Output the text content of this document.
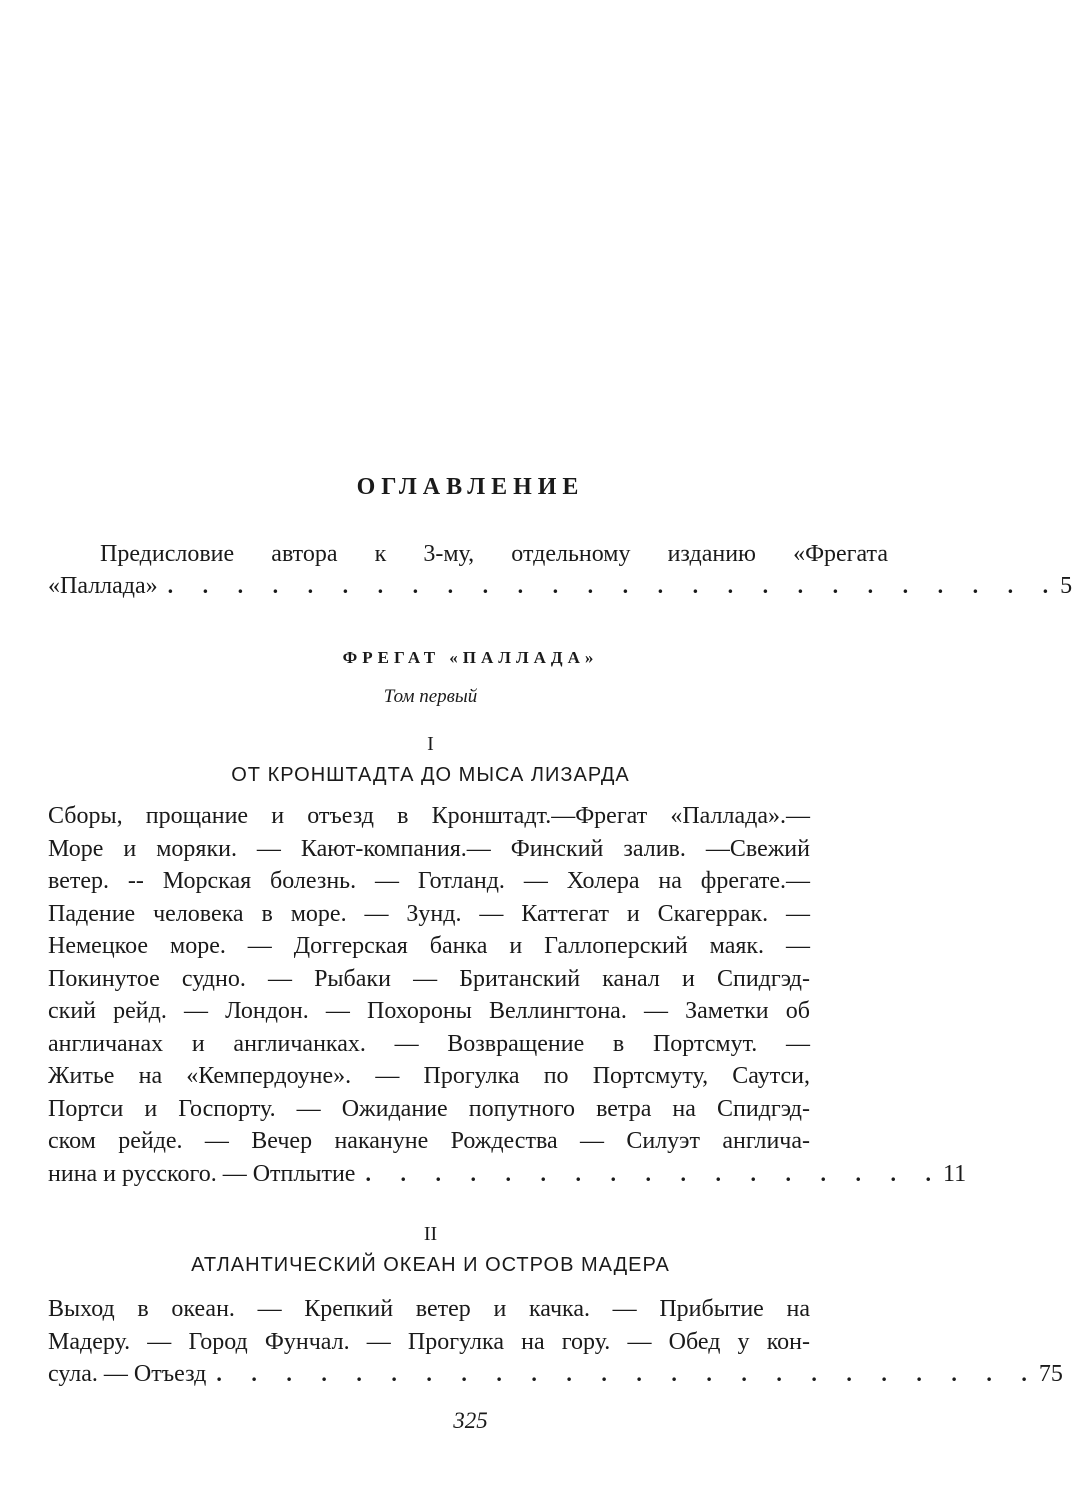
ОГЛАВЛЕНИЕ
Предисловие автора к 3-му, отдельному изданию «Фрегата
«Паллада» . . . . . . . . . . . . . . . . . . . . . . . . . . 5
ФРЕГАТ «ПАЛЛАДА»
Том первый
I
ОТ КРОНШТАДТА ДО МЫСА ЛИЗАРДА
Сборы, прощание и отъезд в Кронштадт.—Фрегат «Паллада».—
Море и моряки. — Кают-компания.— Финский залив. —Свежий
ветер. -- Морская болезнь. — Готланд. — Холера на фрегате.—
Падение человека в море. — Зунд. — Каттегат и Скагеррак. —
Немецкое море. — Доггерская банка и Галлоперский маяк. —
Покинутое судно. — Рыбаки — Британский канал и Спидгэд-
ский рейд. — Лондон. — Похороны Веллингтона. — Заметки об
англичанах и англичанках. — Возвращение в Портсмут. —
Житье на «Кемпердоуне». — Прогулка по Портсмуту, Саутси,
Портси и Госпорту. — Ожидание попутного ветра на Спидгэд-
ском рейде. — Вечер накануне Рождества — Силуэт англича-
нина и русского. — Отплытие . . . . . . . . . . . . . . . . . 11
II
АТЛАНТИЧЕСКИЙ ОКЕАН И ОСТРОВ МАДЕРА
Выход в океан. — Крепкий ветер и качка. — Прибытие на
Мадеру. — Город Фунчал. — Прогулка на гору. — Обед у кон-
сула. — Отъезд . . . . . . . . . . . . . . . . . . . . . . . . 75
325
